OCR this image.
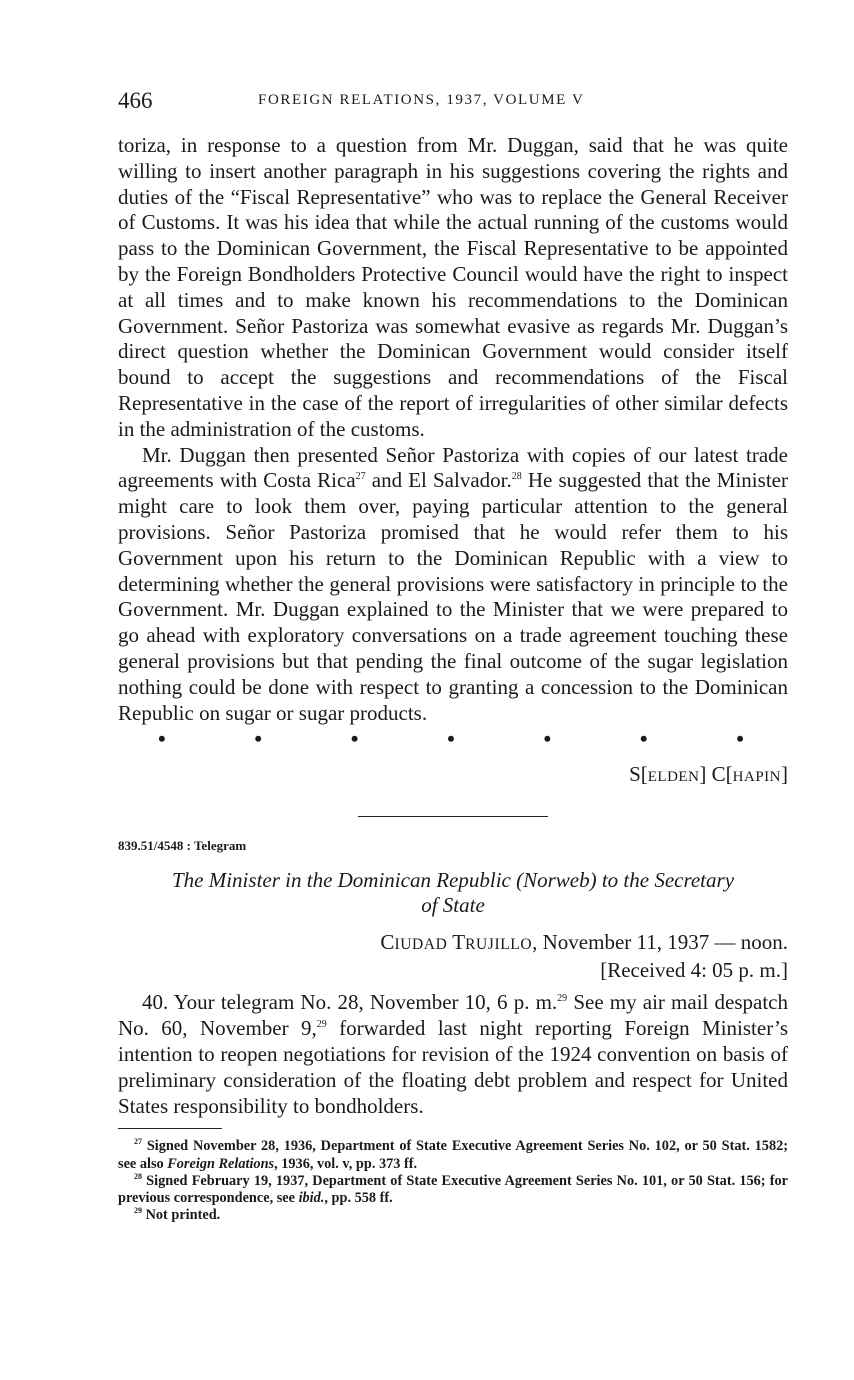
466	FOREIGN RELATIONS, 1937, VOLUME V

toriza, in response to a question from Mr. Duggan, said that he was quite willing to insert another paragraph in his suggestions covering the rights and duties of the “Fiscal Representative” who was to replace the General Receiver of Customs. It was his idea that while the actual running of the customs would pass to the Dominican Government, the Fiscal Representative to be appointed by the Foreign Bondholders Protective Council would have the right to inspect at all times and to make known his recommendations to the Dominican Government. Señor Pastoriza was somewhat evasive as regards Mr. Duggan’s direct question whether the Dominican Government would consider itself bound to accept the suggestions and recommendations of the Fiscal Representative in the case of the report of irregularities of other similar defects in the administration of the customs.

Mr. Duggan then presented Señor Pastoriza with copies of our latest trade agreements with Costa Rica$^{27}$ and El Salvador.$^{28}$ He suggested that the Minister might care to look them over, paying particular attention to the general provisions. Señor Pastoriza promised that he would refer them to his Government upon his return to the Dominican Republic with a view to determining whether the general provisions were satisfactory in principle to the Government. Mr. Duggan explained to the Minister that we were prepared to go ahead with exploratory conversations on a trade agreement touching these general provisions but that pending the final outcome of the sugar legislation nothing could be done with respect to granting a concession to the Dominican Republic on sugar or sugar products.

•	•	•	•	•	•	•
S[ELDEN] C[HAPIN]
839.51/4548 : Telegram
The Minister in the Dominican Republic (Norweb) to the Secretary
of State
CIUDAD TRUJILLO, November 11, 1937 — noon.
[Received 4: 05 p. m.]

40. Your telegram No. 28, November 10, 6 p. m.$^{29}$ See my air mail despatch No. 60, November 9,29 forwarded last night reporting Foreign Minister’s intention to reopen negotiations for revision of the 1924 convention on basis of preliminary consideration of the floating debt problem and respect for United States responsibility to bondholders.

$^{27}$ Signed November 28, 1936, Department of State Executive Agreement Series No. 102, or 50 Stat. 1582; see also Foreign Relations, 1936, vol. v, pp. 373 ff.

$^{28}$ Signed February 19, 1937, Department of State Executive Agreement Series No. 101, or 50 Stat. 156; for previous correspondence, see ibid., pp. 558 ff.

$^{29}$ Not printed.
